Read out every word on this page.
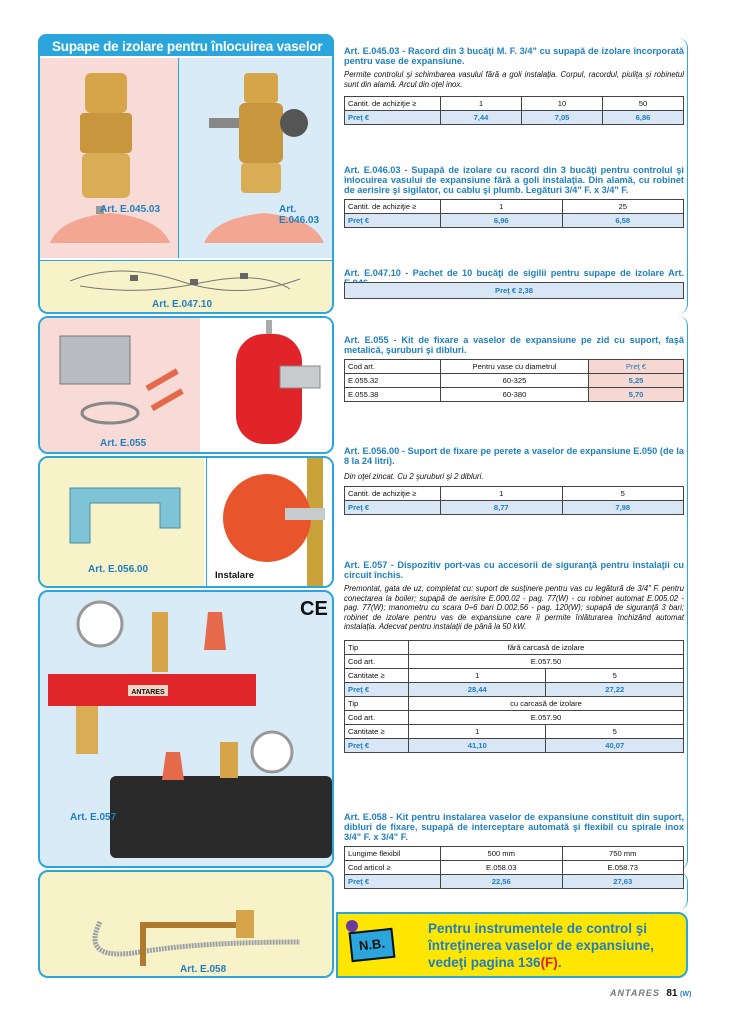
Supape de izolare pentru înlocuirea vaselor
Art. E.045.03	Art. E.046.03
Art. E.047.10
Art. E.055
Art. E.056.00
Instalare
CE
ANTARES
Art. E.057
Art. E.058
Art. E.045.03 - Racord din 3 bucăţi M. F. 3/4" cu supapă de izolare încorporată pentru vase de expansiune.
Permite controlul şi schimbarea vasului fără a goli instalaţia. Corpul, racordul, piuliţa şi robinetul sunt din alamă. Arcul din oţel inox.
Cantit. de achiziţie ≥	1	10	50
Preţ €	7,44	7,05	6,86
Art. E.046.03 - Supapă de izolare cu racord din 3 bucăţi pentru controlul şi înlocuirea vasului de expansiune fără a goli instalaţia. Din alamă, cu robinet de aerisire şi sigilator, cu cablu şi plumb. Legături 3/4" F. x 3/4" F.
Cantit. de achiziţie ≥	1	25
Preţ €	6,96	6,58
Art. E.047.10 - Pachet de 10 bucăţi de sigilii pentru supape de izolare Art.
Preţ € 2,38
Art. E.055 - Kit de fixare a vaselor de expansiune pe zid cu suport, faşă metalică, şuruburi şi dibluri.
Cod art.	Pentru vase cu diametrul	Preţ €
E.055.32	60-325	5,25
E.055.38	60-380	5,70
Art. E.056.00 - Suport de fixare pe perete a vaselor de expansiune E.050 (de la 8 la 24 litri).
Din oţel zincat. Cu 2 şuruburi şi 2 dibluri.
Cantit. de achiziţie ≥	1	5
Preţ €	8,77	7,98
Art. E.057 - Dispozitiv port-vas cu accesorii de siguranţă pentru instalaţii cu circuit închis.
Premontat, gata de uz, completat cu: suport de susţinere pentru vas cu legătură de 3/4" F. pentru conectarea la boiler; supapă de aerisire E.000.02 - pag. 77(W) - cu robinet automat E.005.02 - pag. 77(W); manometru cu scara 0÷6 bari D.002.56 - pag. 120(W); supapă de siguranţă 3 bari; robinet de izolare pentru vas de expansiune care îi permite înlăturarea închizând automat instalaţia. Adecvat pentru instalaţii de până la 50 kW.
Tip	fără carcasă de izolare	
Cod art.	E.057.50	
Cantitate ≥	1	5
Preţ €	28,44	27,22
Tip	cu carcasă de izolare	
Cod art.	E.057.90	
Cantitate ≥	1	5
Preţ €	41,10	40,07
Art. E.058 - Kit pentru instalarea vaselor de expansiune constituit din suport, dibluri de fixare, supapă de interceptare automată şi flexibil cu spirale inox 3/4" F. x 3/4" F.
Lungime flexibil	500 mm	750 mm
Cod articol ≥	E.058.03	E.058.73
Preţ €	22,56	27,63
N.B.
Pentru instrumentele de control şi
întreţinerea vaselor de expansiune,
vedeţi pagina 136(F).
ANTARES 81 (W)
